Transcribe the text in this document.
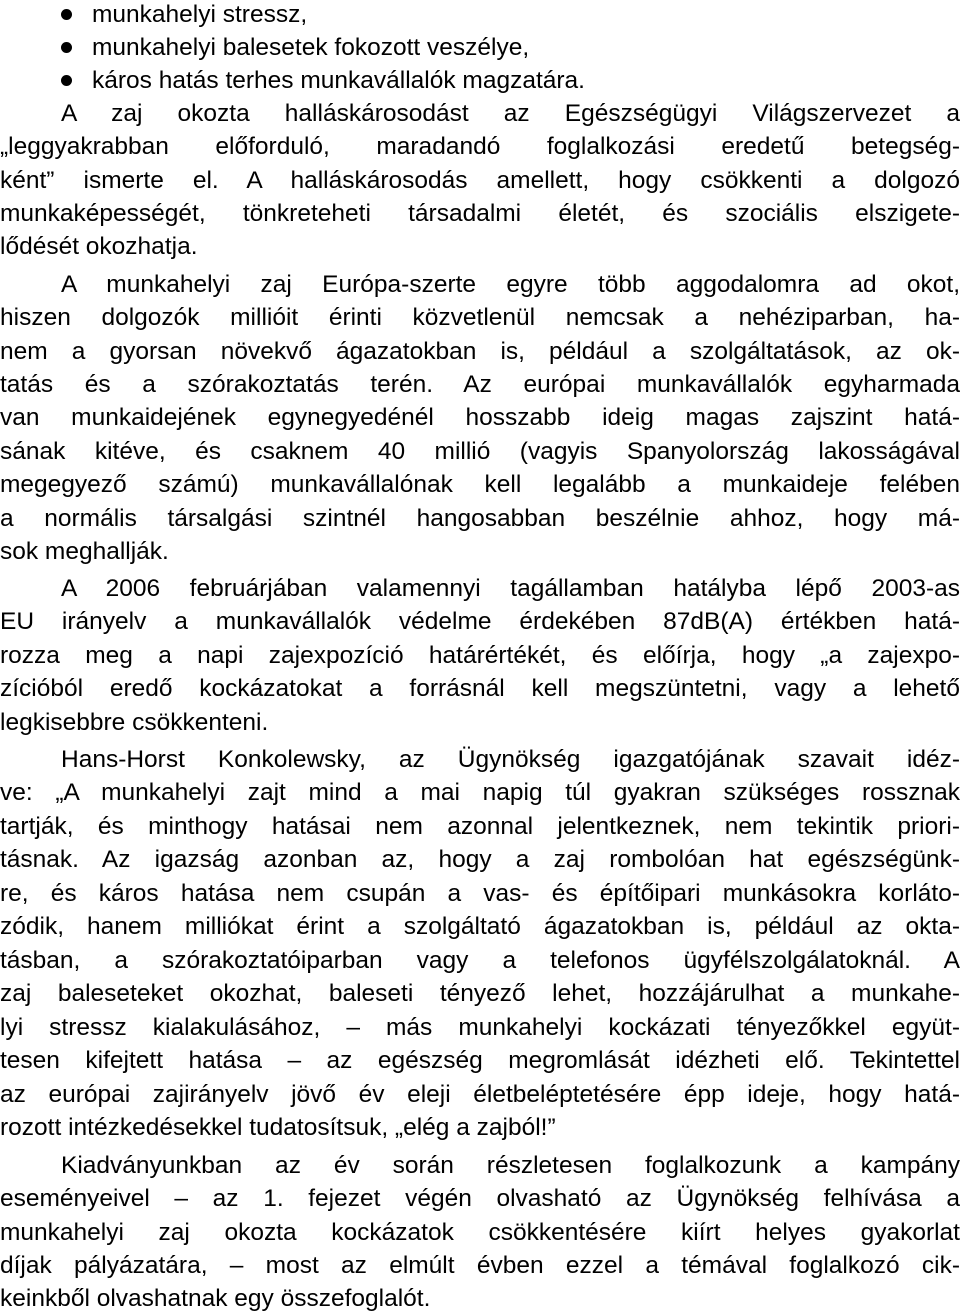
munkahelyi stressz,
munkahelyi balesetek fokozott veszélye,
káros hatás terhes munkavállalók magzatára.
A zaj okozta halláskárosodást az Egészségügyi Világszervezet a
„leggyakrabban előforduló, maradandó foglalkozási eredetű betegség-
ként” ismerte el. A halláskárosodás amellett, hogy csökkenti a dolgozó
munkaképességét, tönkreteheti társadalmi életét, és szociális elszigete-
lődését okozhatja.
A munkahelyi zaj Európa-szerte egyre több aggodalomra ad okot,
hiszen dolgozók millióit érinti közvetlenül nemcsak a nehéziparban, ha-
nem a gyorsan növekvő ágazatokban is, például a szolgáltatások, az ok-
tatás és a szórakoztatás terén. Az európai munkavállalók egyharmada
van munkaidejének egynegyedénél hosszabb ideig magas zajszint hatá-
sának kitéve, és csaknem 40 millió (vagyis Spanyolország lakosságával
megegyező számú) munkavállalónak kell legalább a munkaideje felében
a normális társalgási szintnél hangosabban beszélnie ahhoz, hogy má-
sok meghallják.
A 2006 februárjában valamennyi tagállamban hatályba lépő 2003-as
EU irányelv a munkavállalók védelme érdekében 87dB(A) értékben hatá-
rozza meg a napi zajexpozíció határértékét, és előírja, hogy „a zajexpo-
zícióból eredő kockázatokat a forrásnál kell megszüntetni, vagy a lehető
legkisebbre csökkenteni.
Hans-Horst Konkolewsky, az Ügynökség igazgatójának szavait idéz-
ve: „A munkahelyi zajt mind a mai napig túl gyakran szükséges rossznak
tartják, és minthogy hatásai nem azonnal jelentkeznek, nem tekintik priori-
tásnak. Az igazság azonban az, hogy a zaj rombolóan hat egészségünk-
re, és káros hatása nem csupán a vas- és építőipari munkásokra korláto-
zódik, hanem milliókat érint a szolgáltató ágazatokban is, például az okta-
tásban, a szórakoztatóiparban vagy a telefonos ügyfélszolgálatoknál. A
zaj baleseteket okozhat, baleseti tényező lehet, hozzájárulhat a munkahe-
lyi stressz kialakulásához, – más munkahelyi kockázati tényezőkkel együt-
tesen kifejtett hatása – az egészség megromlását idézheti elő. Tekintettel
az európai zajirányelv jövő év eleji életbeléptetésére épp ideje, hogy hatá-
rozott intézkedésekkel tudatosítsuk, „elég a zajból!”
Kiadványunkban az év során részletesen foglalkozunk a kampány
eseményeivel – az 1. fejezet végén olvasható az Ügynökség felhívása a
munkahelyi zaj okozta kockázatok csökkentésére kiírt helyes gyakorlat
díjak pályázatára, – most az elmúlt évben ezzel a témával foglalkozó cik-
keinkből olvashatnak egy összefoglalót.
